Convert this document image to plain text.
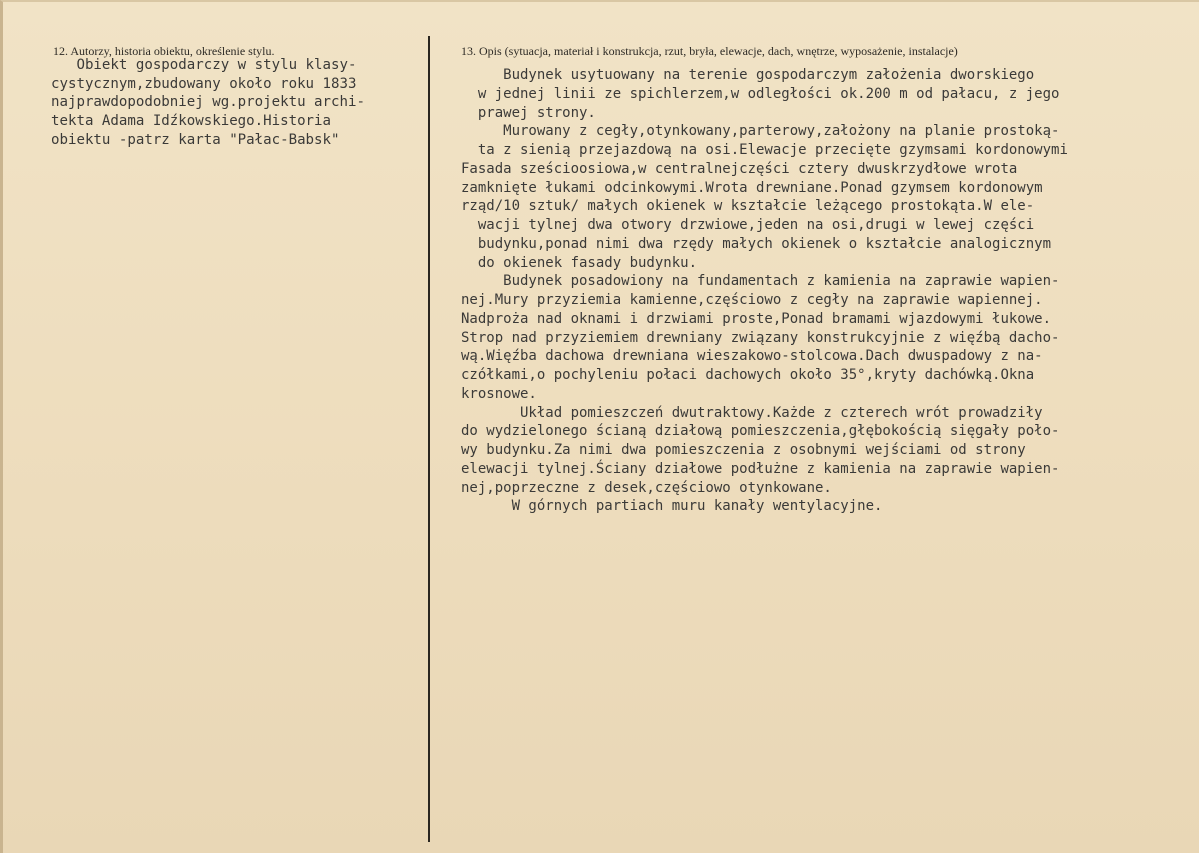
12. Autorzy, historia obiektu, określenie stylu.	13. Opis (sytuacja, materiał i konstrukcja, rzut, bryła, elewacje, dach, wnętrze, wyposażenie, instalacje)
Obiekt gospodarczy w stylu klasy-
cystycznym,zbudowany około roku 1833
najprawdopodobniej wg.projektu archi-
tekta Adama Idźkowskiego.Historia
obiektu -patrz karta "Pałac-Babsk"
Budynek usytuowany na terenie gospodarczym założenia dworskiego
w jednej linii ze spichlerzem,w odległości ok.200 m od pałacu, z jego
prawej strony.
Murowany z cegły,otynkowany,parterowy,założony na planie prostoką-
ta z sienią przejazdową na osi.Elewacje przecięte gzymsami kordonowymi
Fasada sześcioosiowa,w centralnejczęści cztery dwuskrzydłowe wrota
zamknięte łukami odcinkowymi.Wrota drewniane.Ponad gzymsem kordonowym
rząd/10 sztuk/ małych okienek w kształcie leżącego prostokąta.W ele-
wacji tylnej dwa otwory drzwiowe,jeden na osi,drugi w lewej części
budynku,ponad nimi dwa rzędy małych okienek o kształcie analogicznym
do okienek fasady budynku.
Budynek posadowiony na fundamentach z kamienia na zaprawie wapien-
nej.Mury przyziemia kamienne,częściowo z cegły na zaprawie wapiennej.
Nadproża nad oknami i drzwiami proste,Ponad bramami wjazdowymi łukowe.
Strop nad przyziemiem drewniany związany konstrukcyjnie z więźbą dacho-
wą.Więźba dachowa drewniana wieszakowo-stolcowa.Dach dwuspadowy z na-
czółkami,o pochyleniu połaci dachowych około 35°,kryty dachówką.Okna
krosnowe.
Układ pomieszczeń dwutraktowy.Każde z czterech wrót prowadziły
do wydzielonego ścianą działową pomieszczenia,głębokością sięgały poło-
wy budynku.Za nimi dwa pomieszczenia z osobnymi wejściami od strony
elewacji tylnej.Ściany działowe podłużne z kamienia na zaprawie wapien-
nej,poprzeczne z desek,częściowo otynkowane.
W górnych partiach muru kanały wentylacyjne.
